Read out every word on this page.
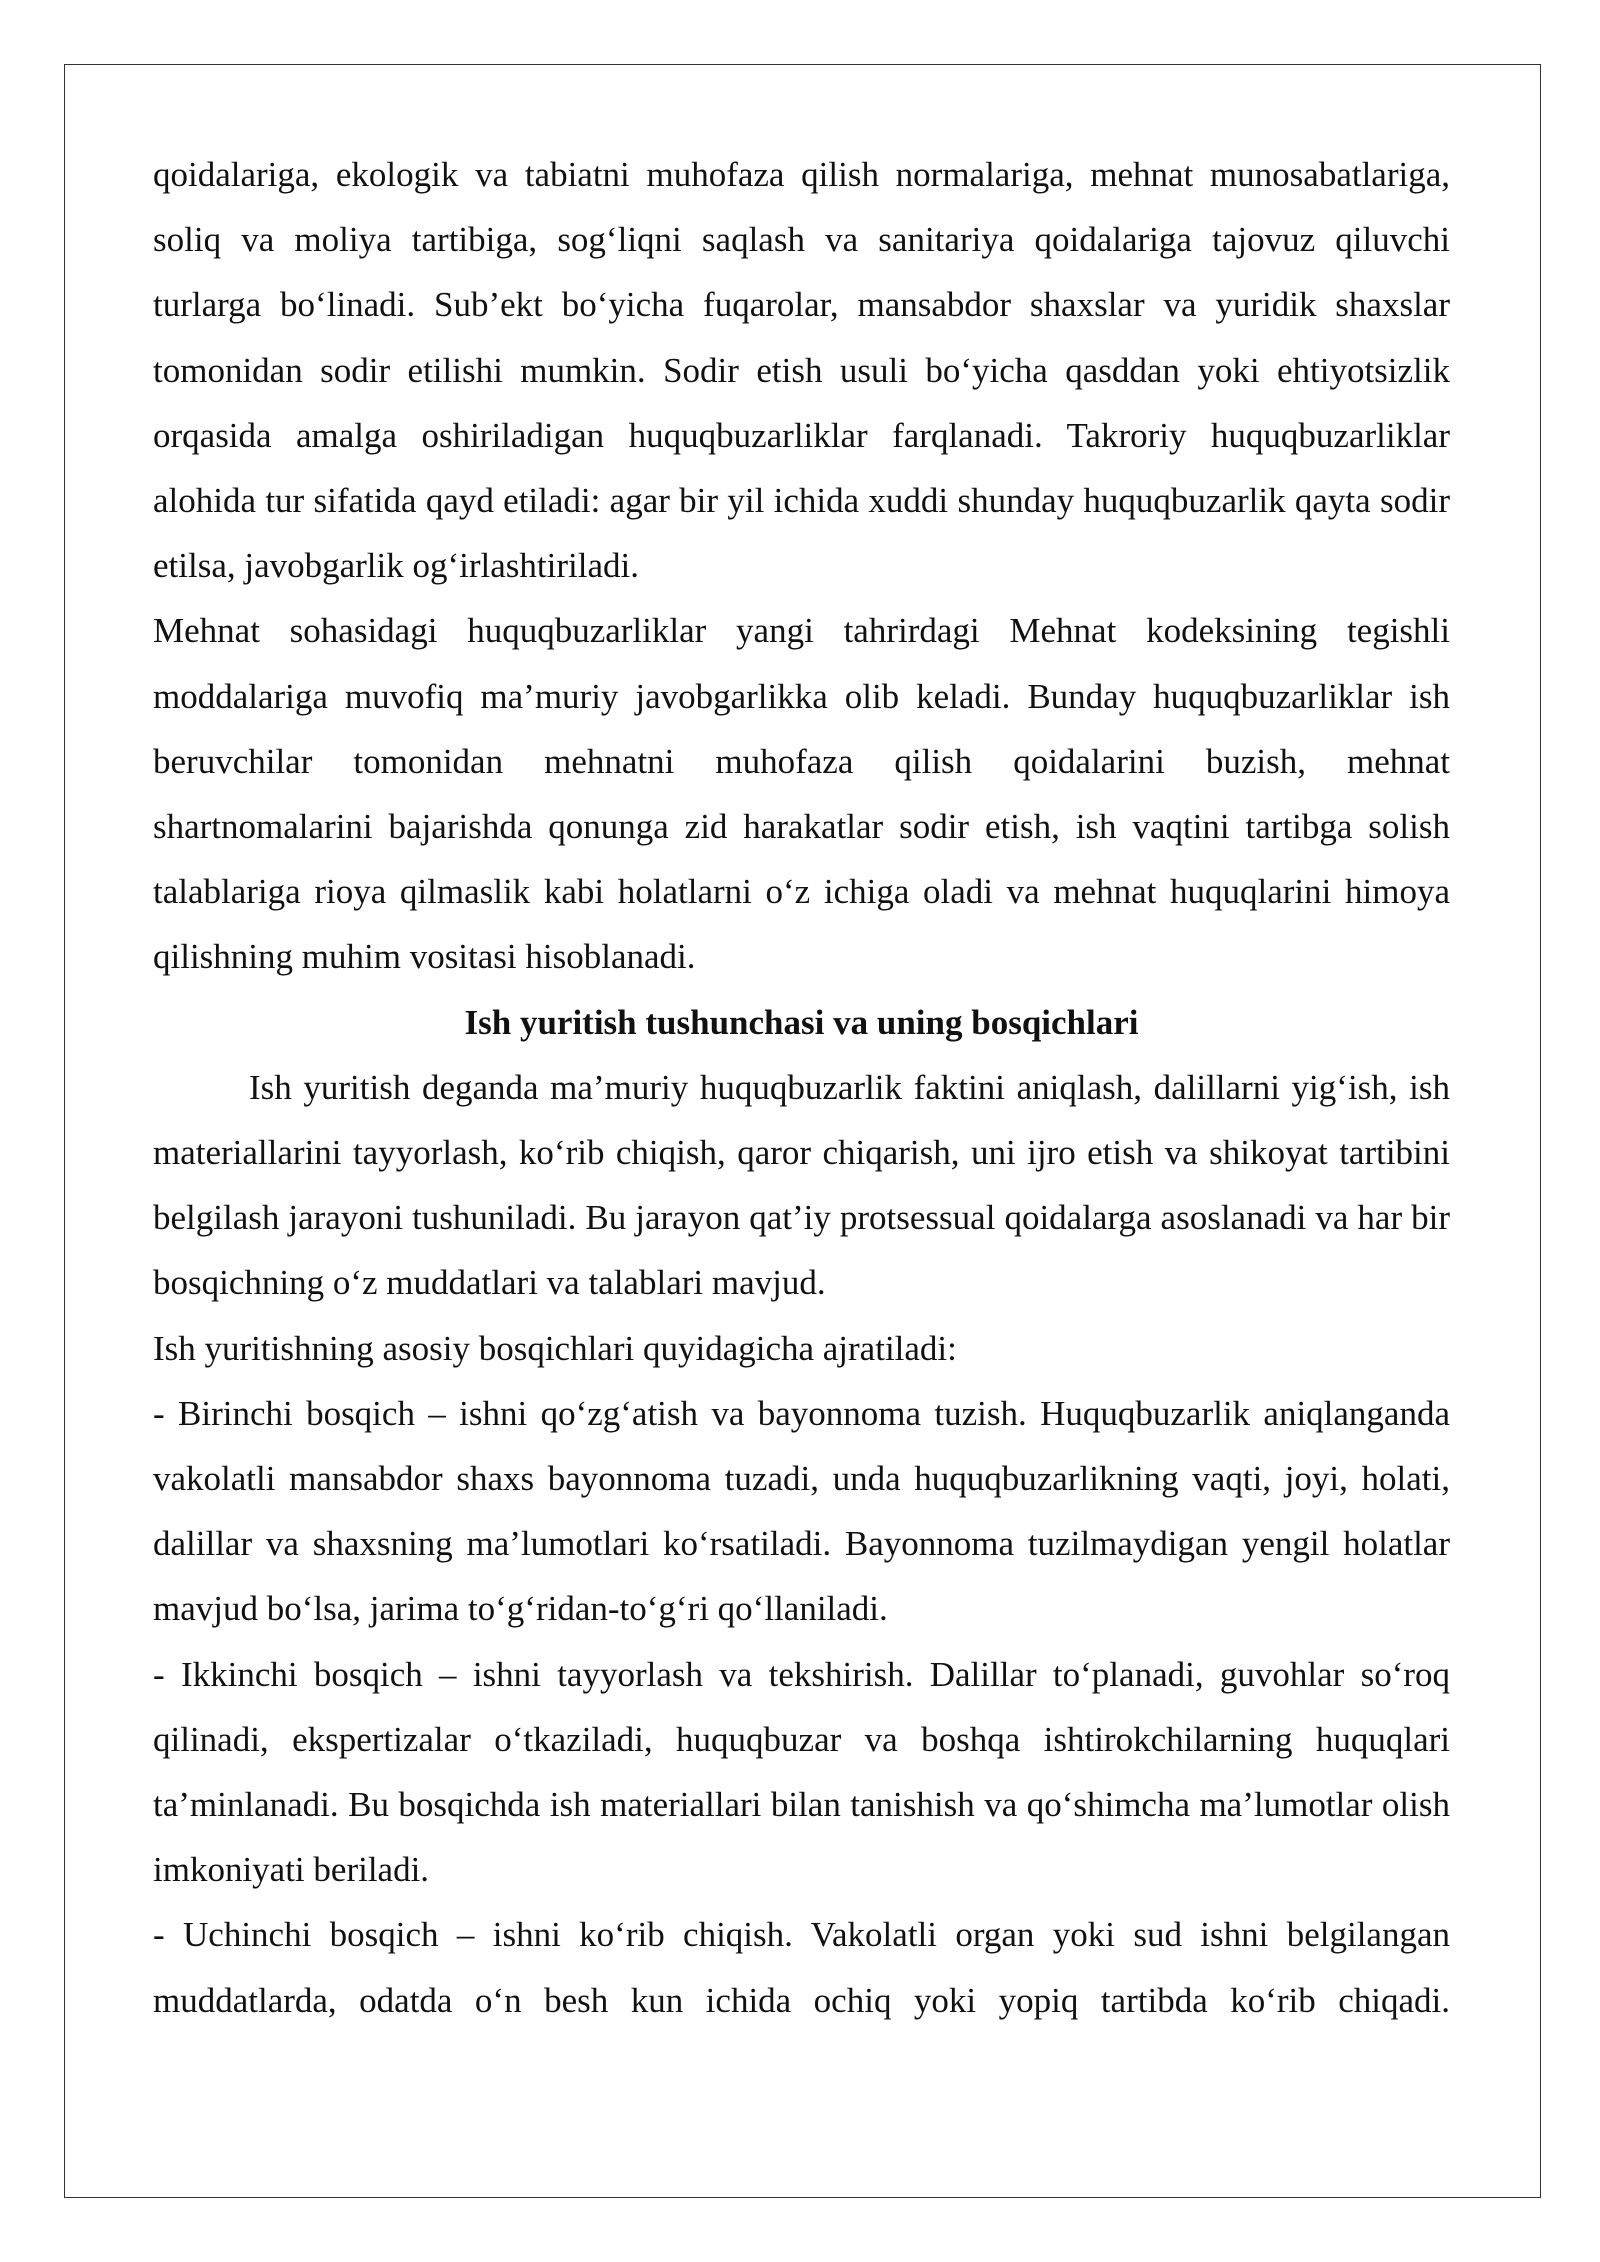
qoidalariga, ekologik va tabiatni muhofaza qilish normalariga, mehnat munosabatlariga, soliq va moliya tartibiga, sog‘liqni saqlash va sanitariya qoidalariga tajovuz qiluvchi turlarga bo‘linadi. Sub’ekt bo‘yicha fuqarolar, mansabdor shaxslar va yuridik shaxslar tomonidan sodir etilishi mumkin. Sodir etish usuli bo‘yicha qasddan yoki ehtiyotsizlik orqasida amalga oshiriladigan huquqbuzarliklar farqlanadi. Takroriy huquqbuzarliklar alohida tur sifatida qayd etiladi: agar bir yil ichida xuddi shunday huquqbuzarlik qayta sodir etilsa, javobgarlik og‘irlashtiriladi.

Mehnat sohasidagi huquqbuzarliklar yangi tahrirdagi Mehnat kodeksining tegishli moddalariga muvofiq ma’muriy javobgarlikka olib keladi. Bunday huquqbuzarliklar ish beruvchilar tomonidan mehnatni muhofaza qilish qoidalarini buzish, mehnat shartnomalarini bajarishda qonunga zid harakatlar sodir etish, ish vaqtini tartibga solish talablariga rioya qilmaslik kabi holatlarni o‘z ichiga oladi va mehnat huquqlarini himoya qilishning muhim vositasi hisoblanadi.

Ish yuritish tushunchasi va uning bosqichlari

Ish yuritish deganda ma’muriy huquqbuzarlik faktini aniqlash, dalillarni yig‘ish, ish materiallarini tayyorlash, ko‘rib chiqish, qaror chiqarish, uni ijro etish va shikoyat tartibini belgilash jarayoni tushuniladi. Bu jarayon qat’iy protsessual qoidalarga asoslanadi va har bir bosqichning o‘z muddatlari va talablari mavjud.

Ish yuritishning asosiy bosqichlari quyidagicha ajratiladi:

- Birinchi bosqich – ishni qo‘zg‘atish va bayonnoma tuzish. Huquqbuzarlik aniqlanganda vakolatli mansabdor shaxs bayonnoma tuzadi, unda huquqbuzarlikning vaqti, joyi, holati, dalillar va shaxsning ma’lumotlari ko‘rsatiladi. Bayonnoma tuzilmaydigan yengil holatlar mavjud bo‘lsa, jarima to‘g‘ridan-to‘g‘ri qo‘llaniladi.

- Ikkinchi bosqich – ishni tayyorlash va tekshirish. Dalillar to‘planadi, guvohlar so‘roq qilinadi, ekspertizalar o‘tkaziladi, huquqbuzar va boshqa ishtirokchilarning huquqlari ta’minlanadi. Bu bosqichda ish materiallari bilan tanishish va qo‘shimcha ma’lumotlar olish imkoniyati beriladi.

- Uchinchi bosqich – ishni ko‘rib chiqish. Vakolatli organ yoki sud ishni belgilangan muddatlarda, odatda o‘n besh kun ichida ochiq yoki yopiq tartibda ko‘rib chiqadi.
